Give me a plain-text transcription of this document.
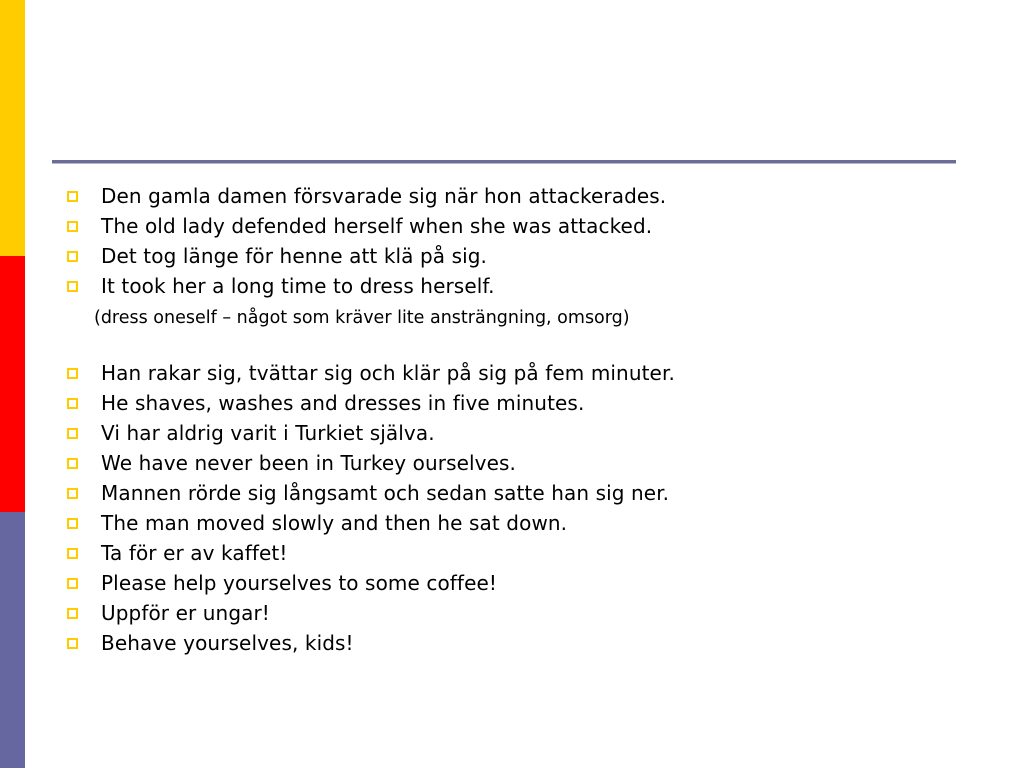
Den gamla damen försvarade sig när hon attackerades.
The old lady defended herself when she was attacked.
Det tog länge för henne att klä på sig.
It took her a long time to dress herself.
(dress oneself – något som kräver lite ansträngning, omsorg)
Han rakar sig, tvättar sig och klär på sig på fem minuter.
He shaves, washes and dresses in five minutes.
Vi har aldrig varit i Turkiet själva.
We have never been in Turkey ourselves.
Mannen rörde sig långsamt och sedan satte han sig ner.
The man moved slowly and then he sat down.
Ta för er av kaffet!
Please help yourselves to some coffee!
Uppför er ungar!
Behave yourselves, kids!
